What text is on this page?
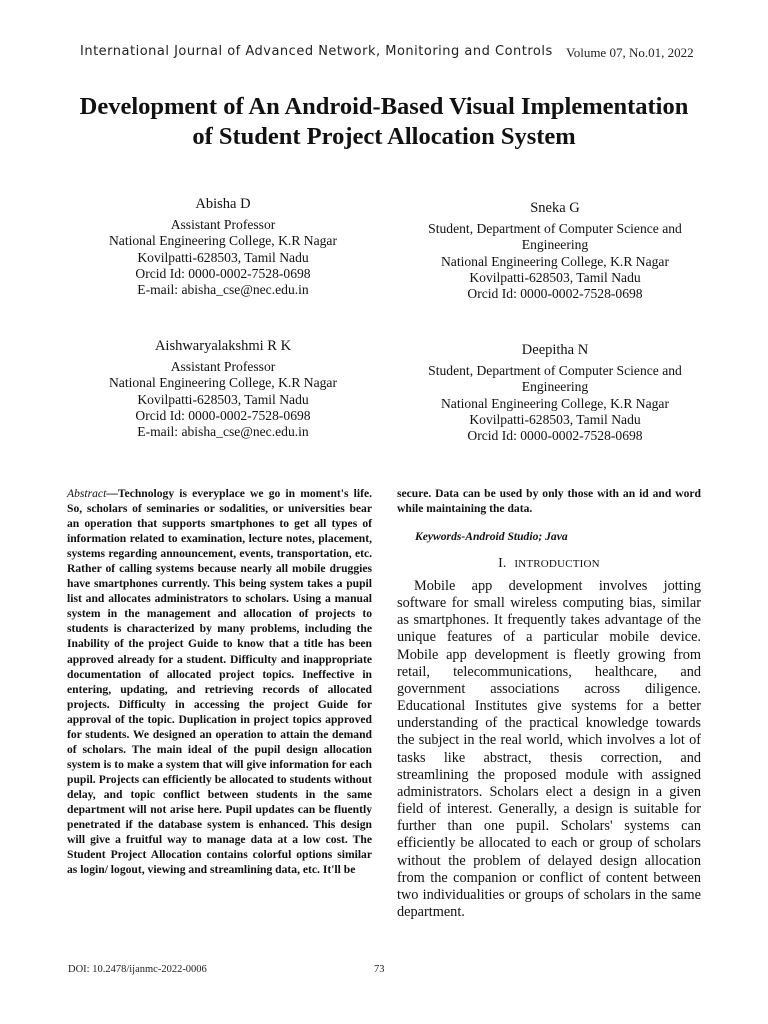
International Journal of Advanced Network, Monitoring and Controls Volume 07, No.01, 2022
Development of An Android-Based Visual Implementation
of Student Project Allocation System
Abisha D
Assistant Professor
National Engineering College, K.R Nagar
Kovilpatti-628503, Tamil Nadu
Orcid Id: 0000-0002-7528-0698
E-mail: abisha_cse@nec.edu.in
Sneka G
Student, Department of Computer Science and
Engineering
National Engineering College, K.R Nagar
Kovilpatti-628503, Tamil Nadu
Orcid Id: 0000-0002-7528-0698
Aishwaryalakshmi R K
Assistant Professor
National Engineering College, K.R Nagar
Kovilpatti-628503, Tamil Nadu
Orcid Id: 0000-0002-7528-0698
E-mail: abisha_cse@nec.edu.in
Deepitha N
Student, Department of Computer Science and
Engineering
National Engineering College, K.R Nagar
Kovilpatti-628503, Tamil Nadu
Orcid Id: 0000-0002-7528-0698
Abstract—Technology is everyplace we go in moment's life. So, scholars of seminaries or sodalities, or universities bear an operation that supports smartphones to get all types of information related to examination, lecture notes, placement, systems regarding announcement, events, transportation, etc. Rather of calling systems because nearly all mobile druggies have smartphones currently. This being system takes a pupil list and allocates administrators to scholars. Using a manual system in the management and allocation of projects to students is characterized by many problems, including the Inability of the project Guide to know that a title has been approved already for a student. Difficulty and inappropriate documentation of allocated project topics. Ineffective in entering, updating, and retrieving records of allocated projects. Difficulty in accessing the project Guide for approval of the topic. Duplication in project topics approved for students. We designed an operation to attain the demand of scholars. The main ideal of the pupil design allocation system is to make a system that will give information for each pupil. Projects can efficiently be allocated to students without delay, and topic conflict between students in the same department will not arise here. Pupil updates can be fluently penetrated if the database system is enhanced. This design will give a fruitful way to manage data at a low cost. The Student Project Allocation contains colorful options similar as login/ logout, viewing and streamlining data, etc. It'll be
secure. Data can be used by only those with an id and word while maintaining the data.
Keywords-Android Studio; Java
I. INTRODUCTION
Mobile app development involves jotting software for small wireless computing bias, similar as smartphones. It frequently takes advantage of the unique features of a particular mobile device. Mobile app development is fleetly growing from retail, telecommunications, healthcare, and government associations across diligence. Educational Institutes give systems for a better understanding of the practical knowledge towards the subject in the real world, which involves a lot of tasks like abstract, thesis correction, and streamlining the proposed module with assigned administrators. Scholars elect a design in a given field of interest. Generally, a design is suitable for further than one pupil. Scholars' systems can efficiently be allocated to each or group of scholars without the problem of delayed design allocation from the companion or conflict of content between two individualities or groups of scholars in the same department.
DOI: 10.2478/ijanmc-2022-0006	73
